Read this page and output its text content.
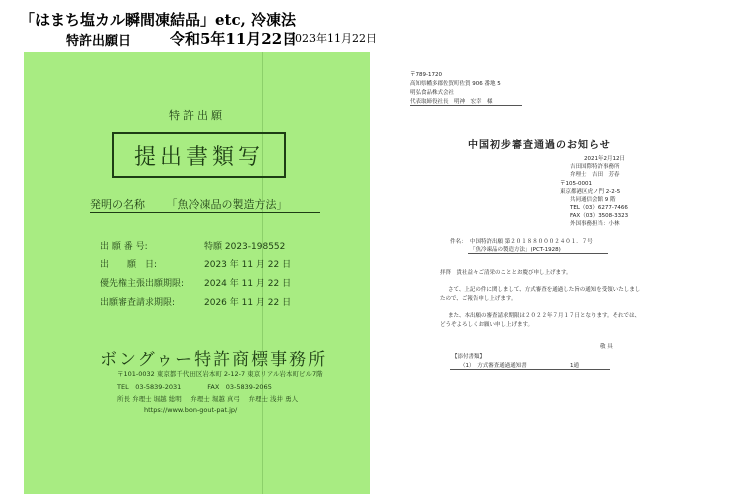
「はまち塩カル瞬間凍結品」etc, 冷凍法
特許出願日	令和5年11月22日
2023年11月22日
特許出願
提出書類写
発明の名称 「魚冷凍品の製造方法」
出 願 番 号:	特願 2023-198552
出　　願　日:	2023 年 11 月 22 日
優先権主張出願期限: 2024 年 11 月 22 日
出願審査請求期限:	2026 年 11 月 22 日
ボングゥー特許商標事務所
〒101-0032 東京都千代田区岩本町 2-12-7 東京リアル岩本町ビル7階
TEL　03-5839-2031　　　　FAX　03-5839-2065
所長 弁理士 堀越 総明　 弁理士 堀越 真弓　 弁理士 浅井 勇人
https://www.bon-gout-pat.jp/
〒789-1720
高知県幡多郡佐賀町佐賀 906 番地 5
明弘食品株式会社
代表取締役社長　明神　宏幸　様
中国初步審査通過のお知らせ
2021年2月12日
吉田国際特許事務所
弁理士　吉田　芳春
〒105-0001
東京都港区虎ノ門 2-2-5
共同通信会館 9 階
TEL（03）6277-7466
FAX（03）3508-3323
外国事務担当：小林
件名： 中国特許出願 第２０１８８０００２４０１．７号
「魚冷凍品の製造方法」(PCT-1928)
拝啓　貴社益々ご清栄のこととお慶び申し上げます。
さて、上記の件に関しまして、方式審査を通過した旨の通知を受領いたしまし
たので、ご報告申し上げます。
また、本出願の審査請求期限は２０２２年７月１７日となります。それでは、
どうぞよろしくお願い申し上げます。
敬 具
【添付書類】
（1）　方式審査通過通知書	1通
